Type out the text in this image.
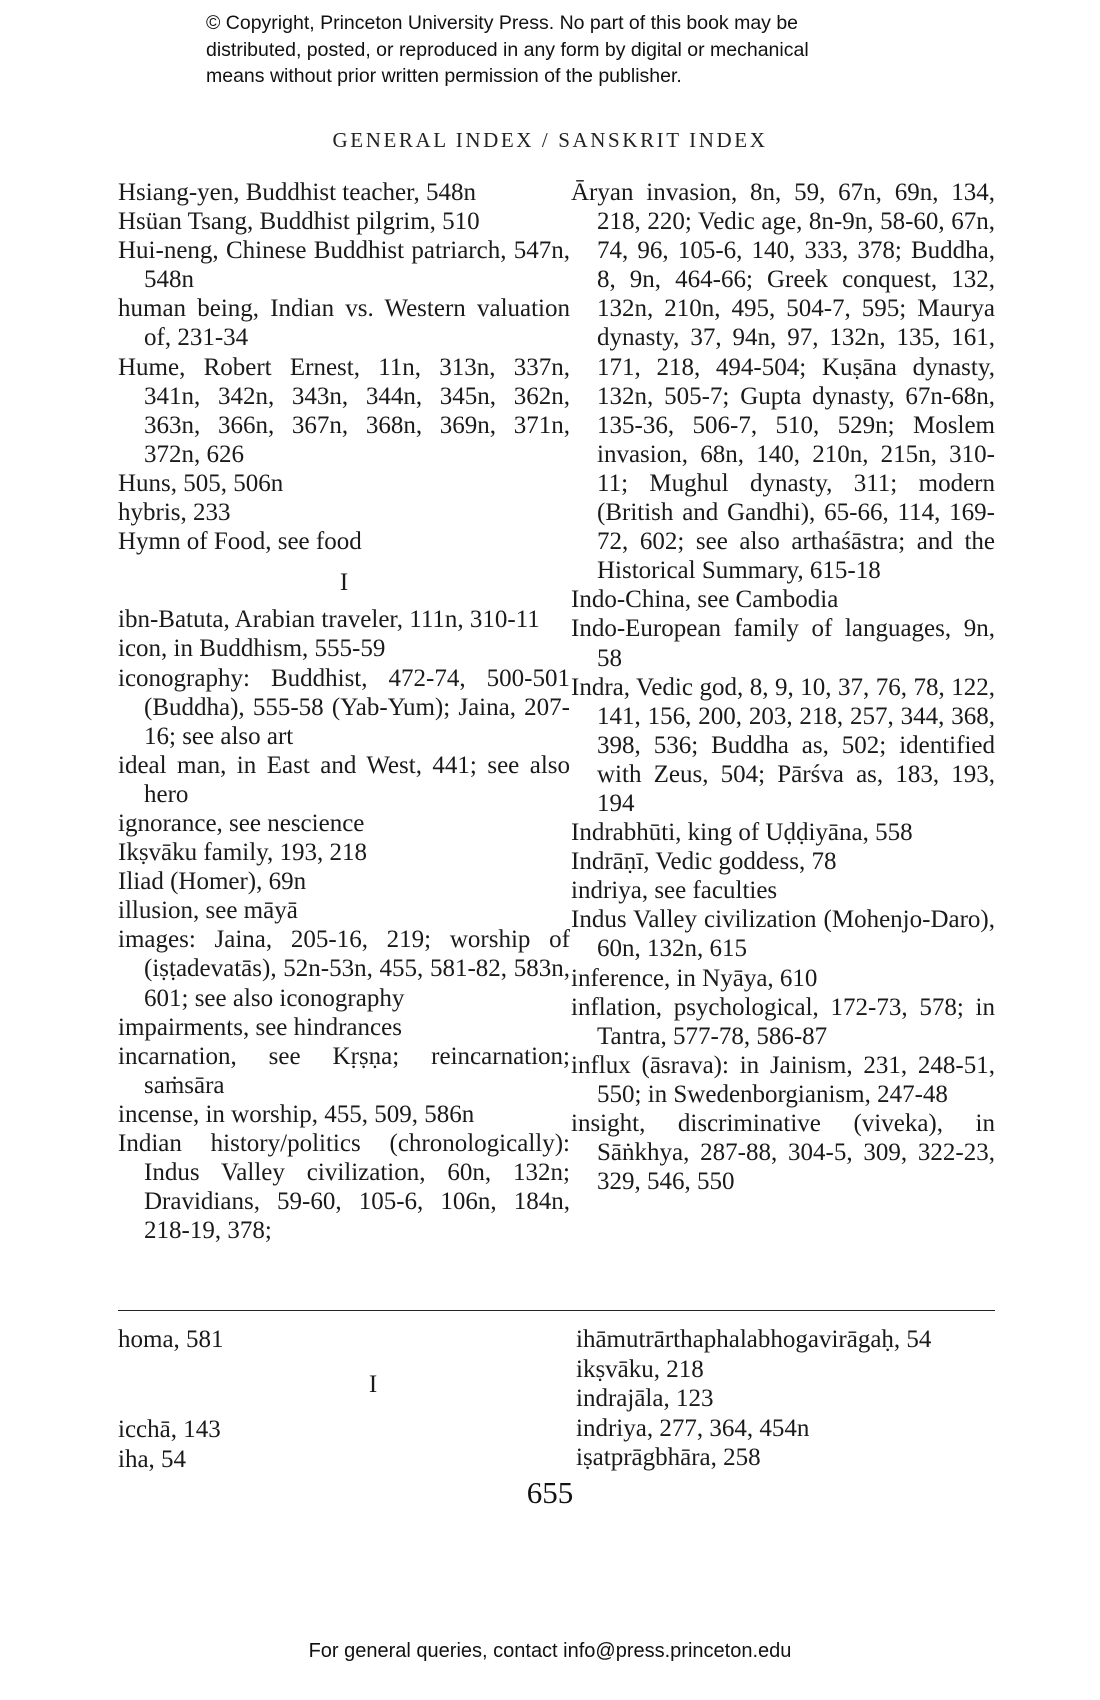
© Copyright, Princeton University Press. No part of this book may be
distributed, posted, or reproduced in any form by digital or mechanical
means without prior written permission of the publisher.
GENERAL INDEX / SANSKRIT INDEX

Hsiang-yen, Buddhist teacher, 548n

Hsüan Tsang, Buddhist pilgrim, 510

Hui-neng, Chinese Buddhist patriarch, 547n, 548n

human being, Indian vs. Western valuation of, 231-34

Hume, Robert Ernest, 11n, 313n, 337n, 341n, 342n, 343n, 344n, 345n, 362n, 363n, 366n, 367n, 368n, 369n, 371n, 372n, 626

Huns, 505, 506n

hybris, 233

Hymn of Food, see food

I

ibn-Batuta, Arabian traveler, 111n, 310-11

icon, in Buddhism, 555-59

iconography: Buddhist, 472-74, 500-501 (Buddha), 555-58 (Yab-Yum); Jaina, 207-16; see also art

ideal man, in East and West, 441; see also hero

ignorance, see nescience

Ikṣvāku family, 193, 218

Iliad (Homer), 69n

illusion, see māyā

images: Jaina, 205-16, 219; worship of (iṣṭadevatās), 52n-53n, 455, 581-82, 583n, 601; see also iconography

impairments, see hindrances

incarnation, see Kṛṣṇa; reincarnation; saṁsāra

incense, in worship, 455, 509, 586n

Indian history/politics (chronologically): Indus Valley civilization, 60n, 132n; Dravidians, 59-60, 105-6, 106n, 184n, 218-19, 378;

Āryan invasion, 8n, 59, 67n, 69n, 134, 218, 220; Vedic age, 8n-9n, 58-60, 67n, 74, 96, 105-6, 140, 333, 378; Buddha, 8, 9n, 464-66; Greek conquest, 132, 132n, 210n, 495, 504-7, 595; Maurya dynasty, 37, 94n, 97, 132n, 135, 161, 171, 218, 494-504; Kuṣāna dynasty, 132n, 505-7; Gupta dynasty, 67n-68n, 135-36, 506-7, 510, 529n; Moslem invasion, 68n, 140, 210n, 215n, 310-11; Mughul dynasty, 311; modern (British and Gandhi), 65-66, 114, 169-72, 602; see also arthaśāstra; and the Historical Summary, 615-18

Indo-China, see Cambodia

Indo-European family of languages, 9n, 58

Indra, Vedic god, 8, 9, 10, 37, 76, 78, 122, 141, 156, 200, 203, 218, 257, 344, 368, 398, 536; Buddha as, 502; identified with Zeus, 504; Pārśva as, 183, 193, 194

Indrabhūti, king of Uḍḍiyāna, 558

Indrāṇī, Vedic goddess, 78

indriya, see faculties

Indus Valley civilization (Mohenjo-Daro), 60n, 132n, 615

inference, in Nyāya, 610

inflation, psychological, 172-73, 578; in Tantra, 577-78, 586-87

influx (āsrava): in Jainism, 231, 248-51, 550; in Swedenborgianism, 247-48

insight, discriminative (viveka), in Sāṅkhya, 287-88, 304-5, 309, 322-23, 329, 546, 550

homa, 581
I
icchā, 143
iha, 54
ihāmutrārthaphalabhogavirāgaḥ, 54
ikṣvāku, 218
indrajāla, 123
indriya, 277, 364, 454n
iṣatprāgbhāra, 258
655
For general queries, contact info@press.princeton.edu
